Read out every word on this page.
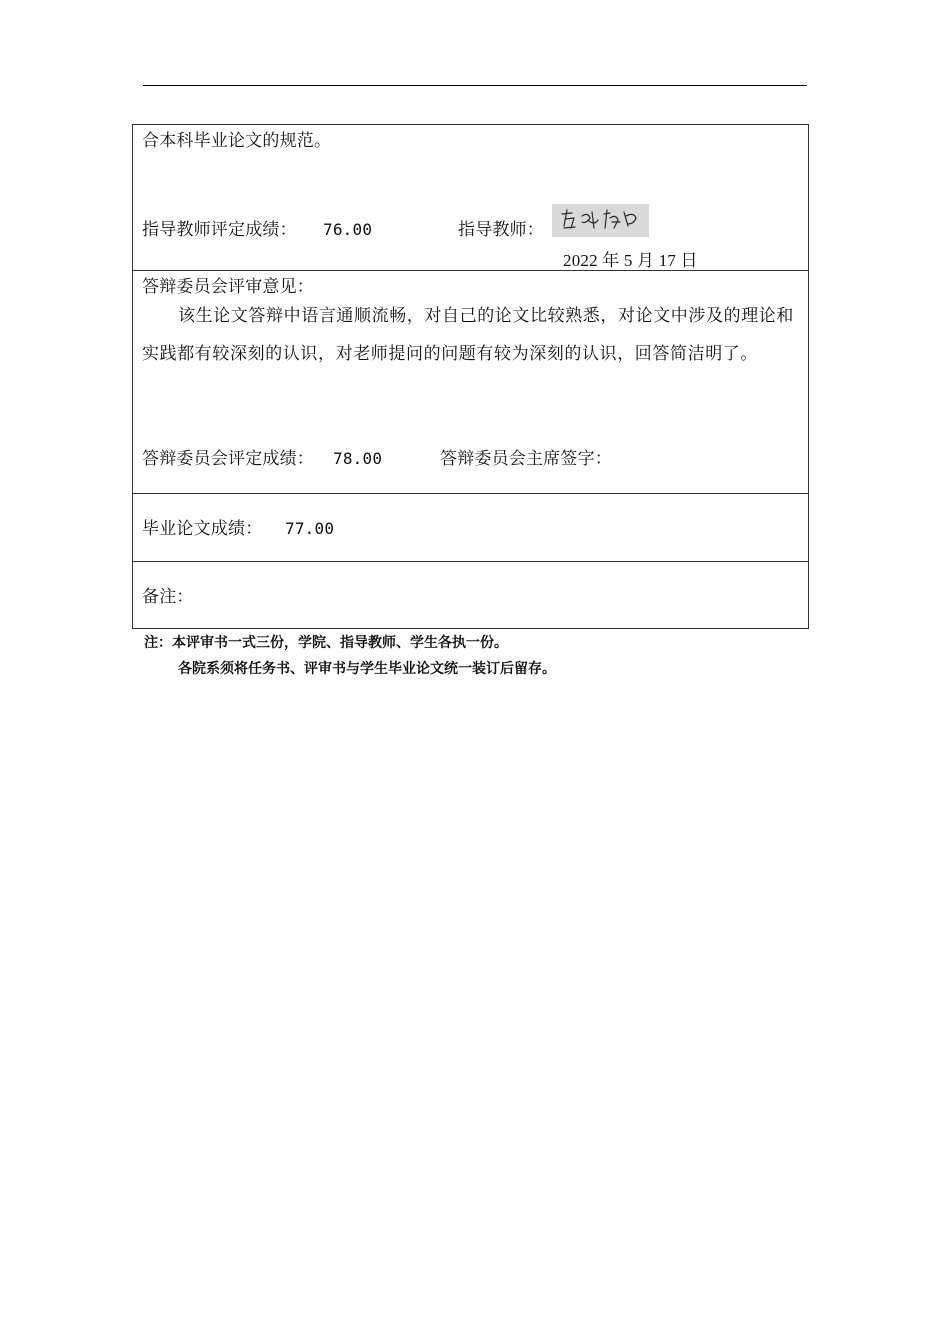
合本科毕业论文的规范。
指导教师评定成绩： 76.00	指导教师：
2022 年 5 月 17 日
答辩委员会评审意见：
该生论文答辩中语言通顺流畅，对自己的论文比较熟悉，对论文中涉及的理论和实践都有较深刻的认识，对老师提问的问题有较为深刻的认识，回答简洁明了。
答辩委员会评定成绩： 78.00	答辩委员会主席签字：
毕业论文成绩： 77.00
备注：
注：本评审书一式三份，学院、指导教师、学生各执一份。
各院系须将任务书、评审书与学生毕业论文统一装订后留存。
